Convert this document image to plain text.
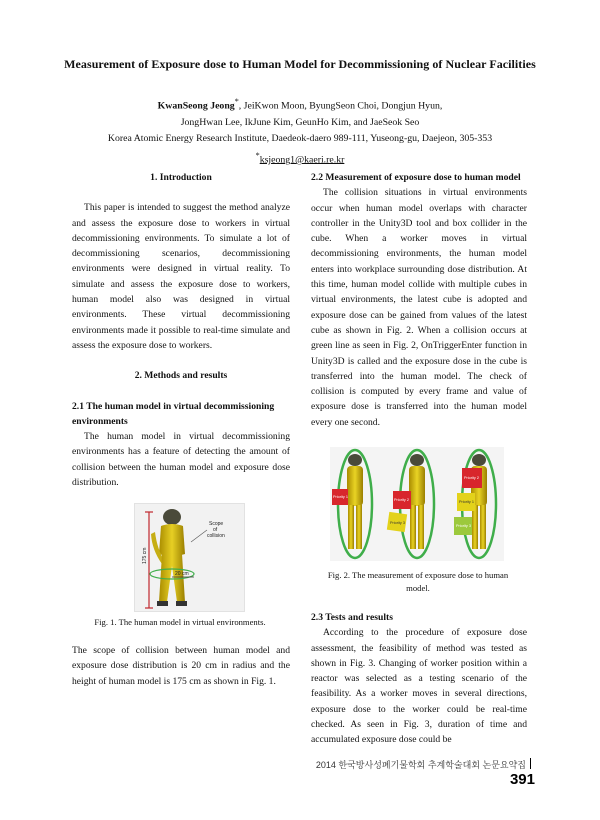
Measurement of Exposure dose to Human Model for Decommissioning of Nuclear Facilities
KwanSeong Jeong*, JeiKwon Moon, ByungSeon Choi, Dongjun Hyun,
JongHwan Lee, IkJune Kim, GeunHo Kim, and JaeSeok Seo
Korea Atomic Energy Research Institute, Daedeok-daero 989-111, Yuseong-gu, Daejeon, 305-353
*ksjeong1@kaeri.re.kr
1. Introduction

This paper is intended to suggest the method analyze and assess the exposure dose to workers in virtual decommissioning environments. To simulate a lot of decommissioning scenarios, decommissioning environments were designed in virtual reality. To simulate and assess the exposure dose to workers, human model also was designed in virtual environments. These virtual decommissioning environments made it possible to real-time simulate and assess the exposure dose to workers.

2. Methods and results
2.1 The human model in virtual decommissioning environments

The human model in virtual decommissioning environments has a feature of detecting the amount of collision between the human model and exposure dose distribution.

175 cm
20 cm
Scope
of
collision
Fig. 1. The human model in virtual environments.

The scope of collision between human model and exposure dose distribution is 20 cm in radius and the height of human model is 175 cm as shown in Fig. 1.

2.2 Measurement of exposure dose to human model

The collision situations in virtual environments occur when human model overlaps with character controller in the Unity3D tool and box collider in the cube. When a worker moves in virtual decommissioning environments, the human model enters into workplace surrounding dose distribution. At this time, human model collide with multiple cubes in virtual environments, the latest cube is adopted and exposure dose can be gained from values of the latest cube as shown in Fig. 2. When a collision occurs at green line as seen in Fig. 2, OnTriggerEnter function in Unity3D is called and the exposure dose in the cube is transferred into the human model. The check of collision is computed by every frame and value of exposure dose is transferred into the human model every one second.

Priority 1
Priority 2
Priority 3
Priority 2
Priority 1
Priority 3
Fig. 2. The measurement of exposure dose to human model.
2.3 Tests and results

According to the procedure of exposure dose assessment, the feasibility of method was tested as shown in Fig. 3. Changing of worker position within a reactor was selected as a testing scenario of the feasibility. As a worker moves in several directions, exposure dose to the worker could be real-time checked. As seen in Fig. 3, duration of time and accumulated exposure dose could be

2014 한국방사성폐기물학회 추계학술대회 논문요약집391
